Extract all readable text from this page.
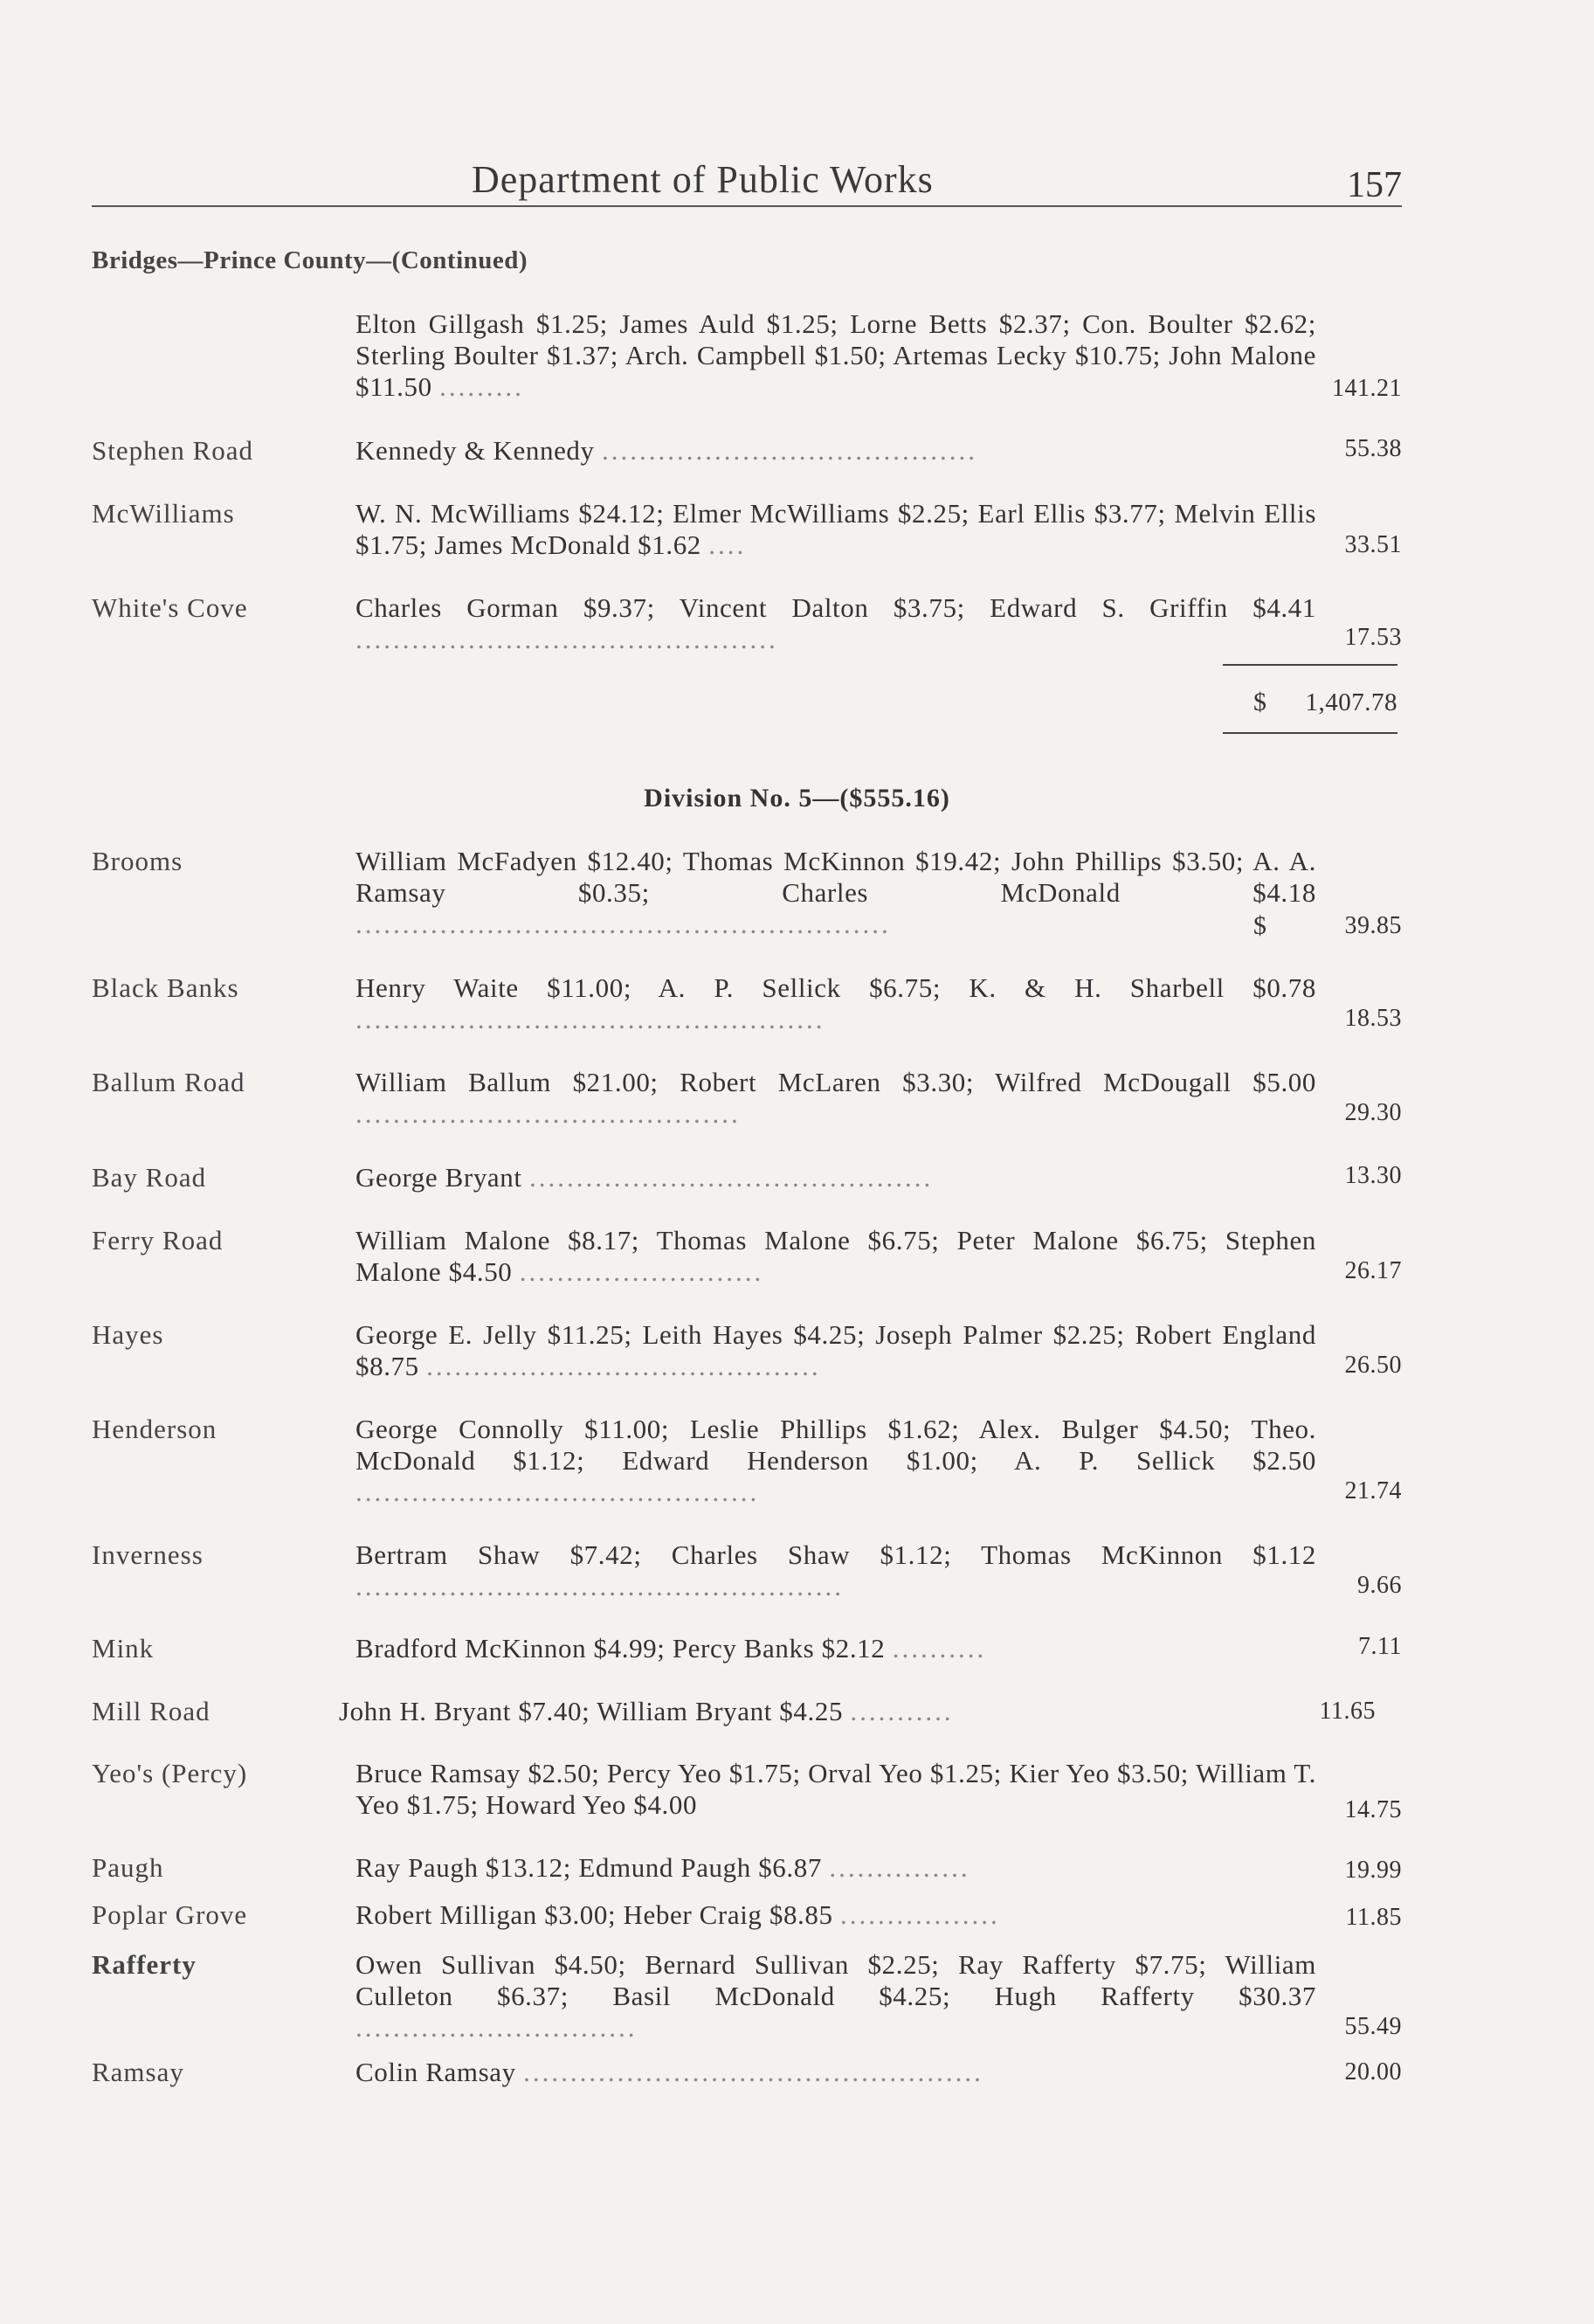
Department of Public Works	157
Bridges—Prince County—(Continued)
Elton Gillgash $1.25; James Auld $1.25; Lorne Betts $2.37; Con. Boulter $2.62; Sterling Boulter $1.37; Arch. Campbell $1.50; Artemas Lecky $10.75; John Malone $11.50 .........	141.21
Stephen Road	Kennedy & Kennedy ........................................	55.38
McWilliams	W. N. McWilliams $24.12; Elmer McWilliams $2.25; Earl Ellis $3.77; Melvin Ellis $1.75; James McDonald $1.62 ....	33.51
White's Cove	Charles Gorman $9.37; Vincent Dalton $3.75; Edward S. Griffin $4.41 .............................................	17.53
$ 1,407.78
Division No. 5—($555.16)
Brooms	William McFadyen $12.40; Thomas McKinnon $19.42; John Phillips $3.50; A. A. Ramsay $0.35; Charles McDonald $4.18 .........................................................	$	39.85
Black Banks	Henry Waite $11.00; A. P. Sellick $6.75; K. & H. Sharbell $0.78 ..................................................	18.53
Ballum Road	William Ballum $21.00; Robert McLaren $3.30; Wilfred McDougall $5.00 .........................................	29.30
Bay Road	George Bryant ...........................................	13.30
Ferry Road	William Malone $8.17; Thomas Malone $6.75; Peter Malone $6.75; Stephen Malone $4.50 ..........................	26.17
Hayes	George E. Jelly $11.25; Leith Hayes $4.25; Joseph Palmer $2.25; Robert England $8.75 ..........................................	26.50
Henderson	George Connolly $11.00; Leslie Phillips $1.62; Alex. Bulger $4.50; Theo. McDonald $1.12; Edward Henderson $1.00; A. P. Sellick $2.50 ...........................................	21.74
Inverness	Bertram Shaw $7.42; Charles Shaw $1.12; Thomas McKinnon $1.12 ....................................................	9.66
Mink	Bradford McKinnon $4.99; Percy Banks $2.12 ..........	7.11
Mill Road	John H. Bryant $7.40; William Bryant $4.25 ...........	11.65
Yeo's (Percy)	Bruce Ramsay $2.50; Percy Yeo $1.75; Orval Yeo $1.25; Kier Yeo $3.50; William T. Yeo $1.75; Howard Yeo $4.00	14.75
Paugh	Ray Paugh $13.12; Edmund Paugh $6.87 ...............	19.99
Poplar Grove	Robert Milligan $3.00; Heber Craig $8.85 .................	11.85
Rafferty	Owen Sullivan $4.50; Bernard Sullivan $2.25; Ray Rafferty $7.75; William Culleton $6.37; Basil McDonald $4.25; Hugh Rafferty $30.37 ..............................	55.49
Ramsay	Colin Ramsay .................................................	20.00
